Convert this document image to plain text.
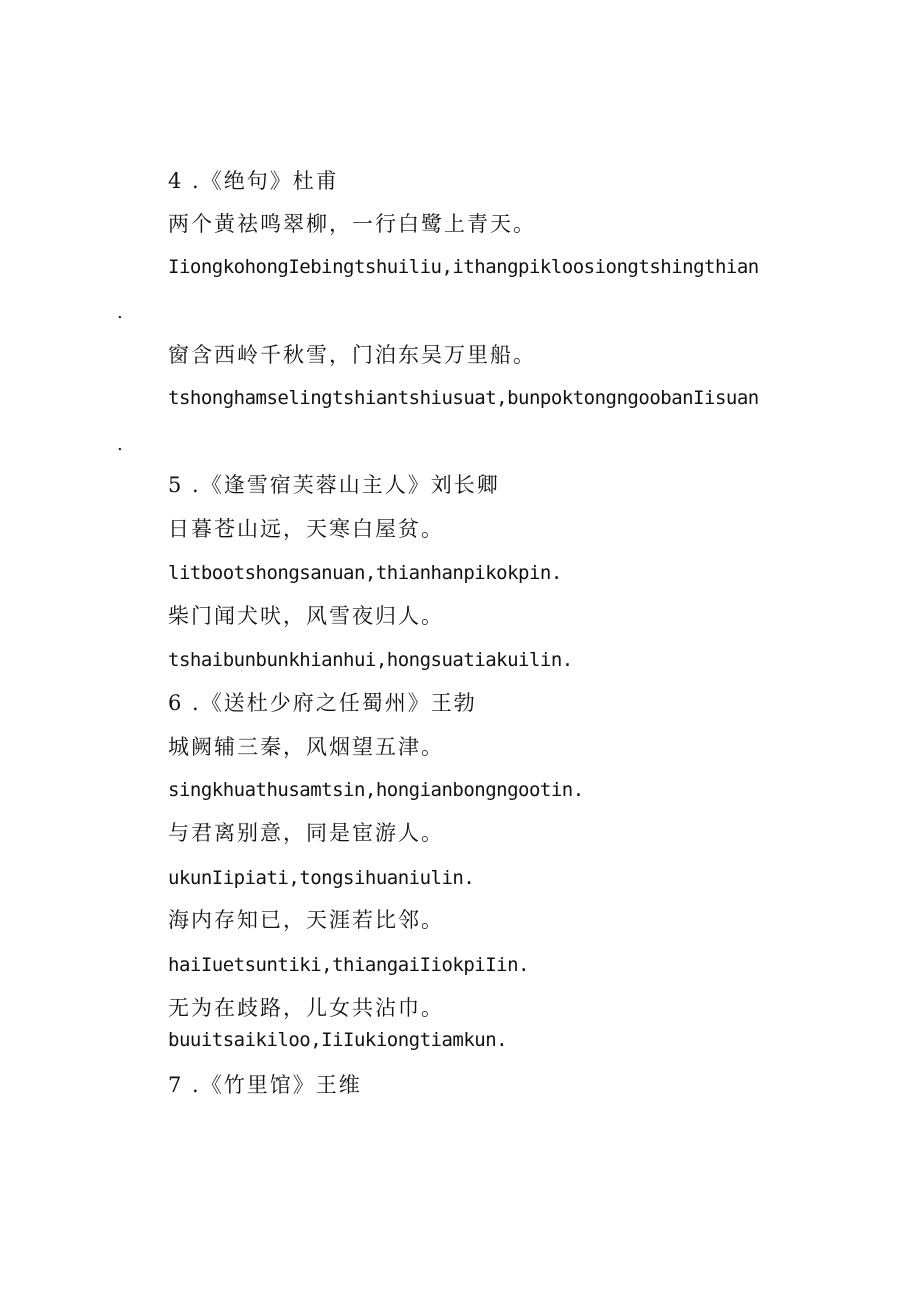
4 .《绝句》杜甫
两个黄祛鸣翠柳，一行白鹭上青天。
IiongkohongIebingtshuiliu,ithangpikloosiongtshingthian
.
窗含西岭千秋雪，门泊东吴万里船。
tshonghamselingtshiantshiusuat,bunpoktongngoobanIisuan
.
5 .《逢雪宿芙蓉山主人》刘长卿
日暮苍山远，天寒白屋贫。
litbootshongsanuan,thianhanpikokpin.
柴门闻犬吠，风雪夜归人。
tshaibunbunkhianhui,hongsuatiakuilin.
6 .《送杜少府之任蜀州》王勃
城阙辅三秦，风烟望五津。
singkhuathusamtsin,hongianbongngootin.
与君离别意，同是宦游人。
ukunIipiati,tongsihuaniulin.
海内存知已，天涯若比邻。
haiIuetsuntiki,thiangaiIiokpiIin.
无为在歧路，儿女共沾巾。
buuitsaikiloo,IiIukiongtiamkun.
7 .《竹里馆》王维
